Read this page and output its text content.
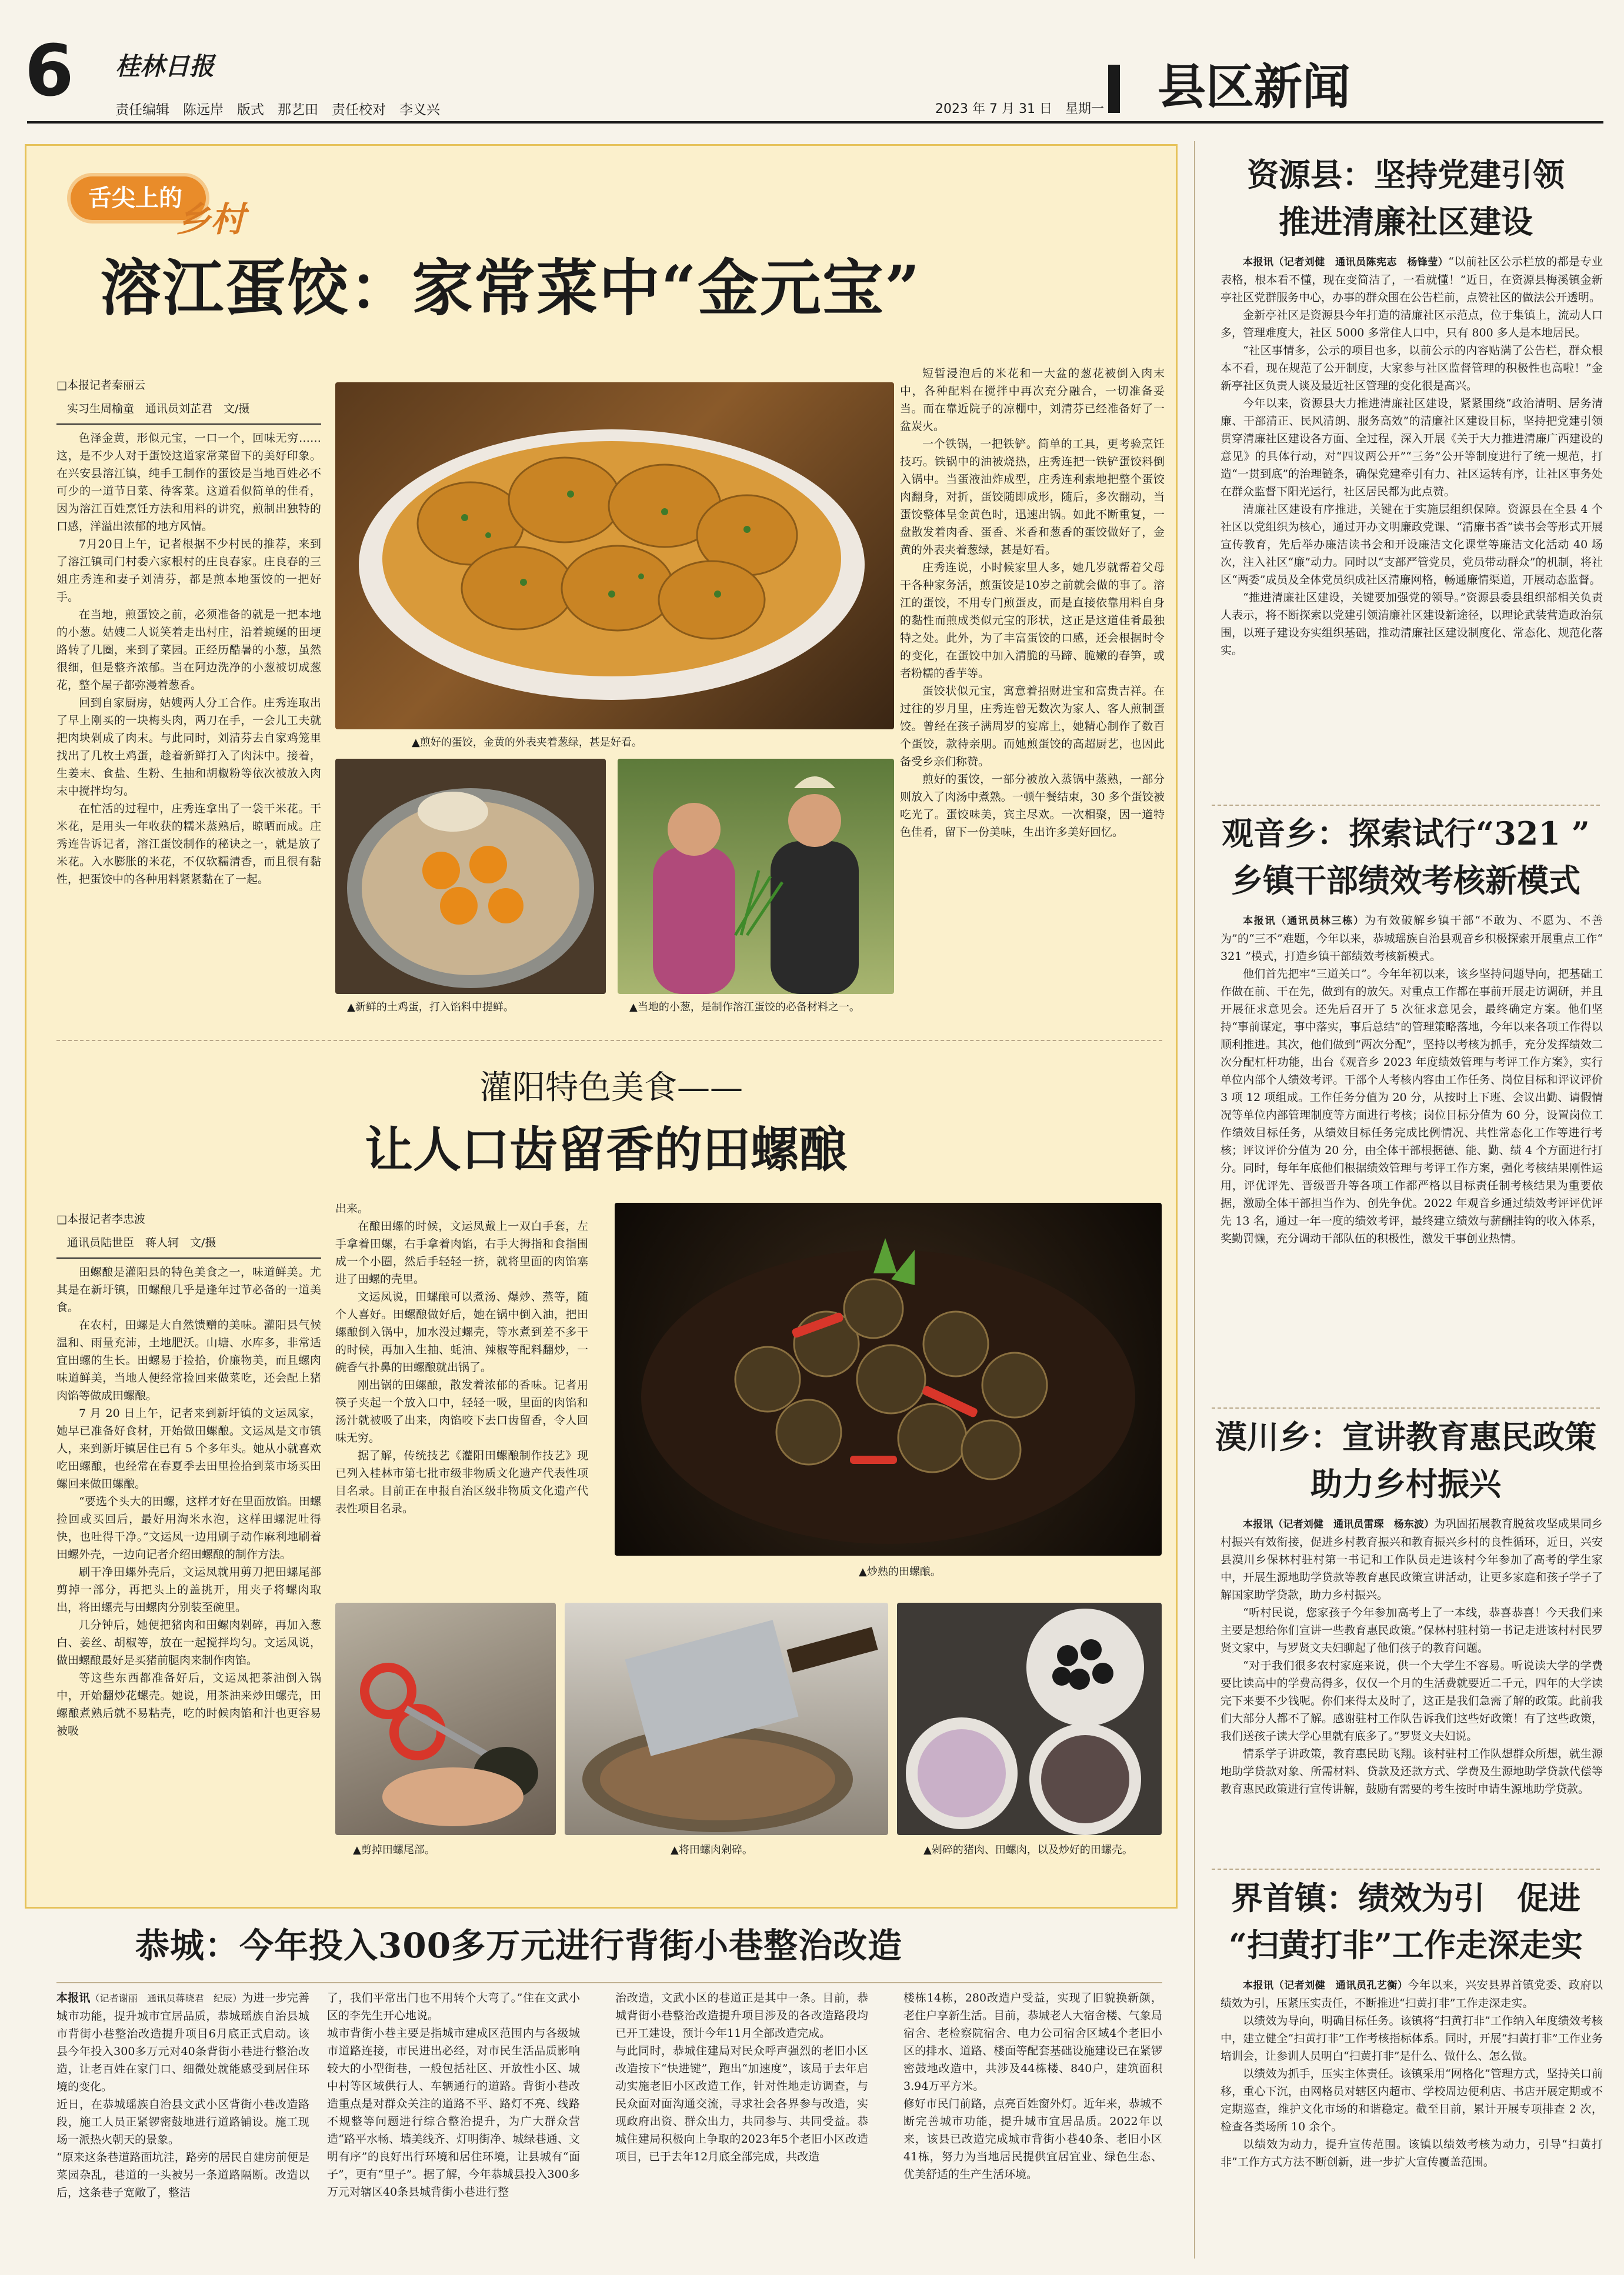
6 桂林日报
责任编辑　陈远岸　版式　那艺田　责任校对　李义兴	2023 年 7 月 31 日　星期一 县区新闻
舌尖上的
乡村
溶江蛋饺：家常菜中“金元宝”
□本报记者秦丽云
实习生周榆童　通讯员刘芷君　文/摄

色泽金黄，形似元宝，一口一个，回味无穷……这，是不少人对于蛋饺这道家常菜留下的美好印象。在兴安县溶江镇，纯手工制作的蛋饺是当地百姓必不可少的一道节日菜、待客菜。这道看似简单的佳肴，因为溶江百姓烹饪方法和用料的讲究，煎制出独特的口感，洋溢出浓郁的地方风情。

7月20日上午，记者根据不少村民的推荐，来到了溶江镇司门村委六家根村的庄良春家。庄良春的三姐庄秀连和妻子刘清芬，都是煎本地蛋饺的一把好手。

在当地，煎蛋饺之前，必须准备的就是一把本地的小葱。姑嫂二人说笑着走出村庄，沿着蜿蜒的田埂路转了几圈，来到了菜园。正经历酷暑的小葱，虽然很细，但是整齐浓郁。当在阿边洗净的小葱被切成葱花，整个屋子都弥漫着葱香。

回到自家厨房，姑嫂两人分工合作。庄秀连取出了早上刚买的一块梅头肉，两刀在手，一会儿工夫就把肉块剁成了肉末。与此同时，刘清芬去自家鸡笼里找出了几枚土鸡蛋，趁着新鲜打入了肉沫中。接着，生姜末、食盐、生粉、生抽和胡椒粉等依次被放入肉末中搅拌均匀。

在忙活的过程中，庄秀连拿出了一袋干米花。干米花，是用头一年收获的糯米蒸熟后，晾晒而成。庄秀连告诉记者，溶江蛋饺制作的秘诀之一，就是放了米花。入水膨胀的米花，不仅软糯清香，而且很有黏性，把蛋饺中的各种用料紧紧黏在了一起。

▲煎好的蛋饺，金黄的外表夹着葱绿，甚是好看。
▲新鲜的土鸡蛋，打入馅料中提鲜。	▲当地的小葱，是制作溶江蛋饺的必备材料之一。

短暂浸泡后的米花和一大盆的葱花被倒入肉末中，各种配料在搅拌中再次充分融合，一切准备妥当。而在靠近院子的凉棚中，刘清芬已经准备好了一盆炭火。

一个铁锅，一把铁铲。简单的工具，更考验烹饪技巧。铁锅中的油被烧热，庄秀连把一铁铲蛋饺料倒入锅中。当蛋液油炸成型，庄秀连利索地把整个蛋饺肉翻身，对折，蛋饺随即成形，随后，多次翻动，当蛋饺整体呈金黄色时，迅速出锅。如此不断重复，一盘散发着肉香、蛋香、米香和葱香的蛋饺做好了，金黄的外表夹着葱绿，甚是好看。

庄秀连说，小时候家里人多，她几岁就帮着父母干各种家务活，煎蛋饺是10岁之前就会做的事了。溶江的蛋饺，不用专门煎蛋皮，而是直接依靠用料自身的黏性而煎成类似元宝的形状，这正是这道佳肴最独特之处。此外，为了丰富蛋饺的口感，还会根据时令的变化，在蛋饺中加入清脆的马蹄、脆嫩的春笋，或者粉糯的香芋等。

蛋饺状似元宝，寓意着招财进宝和富贵吉祥。在过往的岁月里，庄秀连曾无数次为家人、客人煎制蛋饺。曾经在孩子满周岁的宴席上，她精心制作了数百个蛋饺，款待亲朋。而她煎蛋饺的高超厨艺，也因此备受乡亲们称赞。

煎好的蛋饺，一部分被放入蒸锅中蒸熟，一部分则放入了肉汤中煮熟。一顿午餐结束，30 多个蛋饺被吃光了。蛋饺味美，宾主尽欢。一次相聚，因一道特色佳肴，留下一份美味，生出许多美好回忆。

灌阳特色美食——
让人口齿留香的田螺酿
□本报记者李忠波
通讯员陆世臣　蒋人轲　文/摄

田螺酿是灌阳县的特色美食之一，味道鲜美。尤其是在新圩镇，田螺酿几乎是逢年过节必备的一道美食。

在农村，田螺是大自然馈赠的美味。灌阳县气候温和、雨量充沛，土地肥沃。山塘、水库多，非常适宜田螺的生长。田螺易于捡拾，价廉物美，而且螺肉味道鲜美，当地人便经常捡回来做菜吃，还会配上猪肉馅等做成田螺酿。

7 月 20 日上午，记者来到新圩镇的文运凤家，她早已准备好食材，开始做田螺酿。文运凤是文市镇人，来到新圩镇居住已有 5 个多年头。她从小就喜欢吃田螺酿，也经常在春夏季去田里捡拾到菜市场买田螺回来做田螺酿。

“要选个头大的田螺，这样才好在里面放馅。田螺捡回或买回后，最好用淘米水泡，这样田螺泥吐得快，也吐得干净。”文运凤一边用刷子动作麻利地刷着田螺外壳，一边向记者介绍田螺酿的制作方法。

刷干净田螺外壳后，文运凤就用剪刀把田螺尾部剪掉一部分，再把头上的盖挑开，用夹子将螺肉取出，将田螺壳与田螺肉分别装至碗里。

几分钟后，她便把猪肉和田螺肉剁碎，再加入葱白、姜丝、胡椒等，放在一起搅拌均匀。文运凤说，做田螺酿最好是买猪前腿肉来制作肉馅。

等这些东西都准备好后，文运凤把茶油倒入锅中，开始翻炒花螺壳。她说，用茶油来炒田螺壳，田螺酿煮熟后就不易粘壳，吃的时候肉馅和汁也更容易被吸

出来。

在酿田螺的时候，文运凤戴上一双白手套，左手拿着田螺，右手拿着肉馅，右手大拇指和食指围成一个小圈，然后手轻轻一挤，就将里面的肉馅塞进了田螺的壳里。

文运凤说，田螺酿可以煮汤、爆炒、蒸等，随个人喜好。田螺酿做好后，她在锅中倒入油，把田螺酿倒入锅中，加水没过螺壳，等水煮到差不多干的时候，再加入生抽、蚝油、辣椒等配料翻炒，一碗香气扑鼻的田螺酿就出锅了。

刚出锅的田螺酿，散发着浓郁的香味。记者用筷子夹起一个放入口中，轻轻一吸，里面的肉馅和汤汁就被吸了出来，肉馅咬下去口齿留香，令人回味无穷。

据了解，传统技艺《灌阳田螺酿制作技艺》现已列入桂林市第七批市级非物质文化遗产代表性项目名录。目前正在申报自治区级非物质文化遗产代表性项目名录。

▲炒熟的田螺酿。
▲剪掉田螺尾部。	▲将田螺肉剁碎。	▲剁碎的猪肉、田螺肉，以及炒好的田螺壳。
恭城：今年投入300多万元进行背街小巷整治改造

本报讯（记者谢丽　通讯员蒋晓君　纪辰）为进一步完善城市功能，提升城市宜居品质，恭城瑶族自治县城市背街小巷整治改造提升项目6月底正式启动。该县今年投入300多万元对40条背街小巷进行整治改造，让老百姓在家门口、细微处就能感受到居住环境的变化。
近日，在恭城瑶族自治县文武小区背街小巷改造路段，施工人员正紧锣密鼓地进行道路铺设。施工现场一派热火朝天的景象。
“原来这条巷道路面坑洼，路旁的居民自建房前便是菜园杂乱，巷道的一头被另一条道路隔断。改造以后，这条巷子宽敞了，整洁

了，我们平常出门也不用转个大弯了。”住在文武小区的李先生开心地说。
城市背街小巷主要是指城市建成区范围内与各级城市道路连接，市民进出必经，对市民生活品质影响较大的小型街巷，一般包括社区、开放性小区、城中村等区域供行人、车辆通行的道路。背街小巷改造重点是对群众关注的道路不平、路灯不亮、线路不规整等问题进行综合整治提升，为广大群众营造“路平水畅、墙美线齐、灯明街净、城绿巷通、文明有序”的良好出行环境和居住环境，让县城有“面子”，更有“里子”。据了解，今年恭城县投入300多万元对辖区40条县城背街小巷进行整

治改造，文武小区的巷道正是其中一条。目前，恭城背街小巷整治改造提升项目涉及的各改造路段均已开工建设，预计今年11月全部改造完成。
与此同时，恭城住建局对民众呼声强烈的老旧小区改造按下“快进键”，跑出“加速度”，该局于去年启动实施老旧小区改造工作，针对性地走访调查，与民众面对面沟通交流，寻求社会各界参与改造，实现政府出资、群众出力，共同参与、共同受益。恭城住建局积极向上争取的2023年5个老旧小区改造项目，已于去年12月底全部完成，共改造

楼栋14栋，280改造户受益，实现了旧貌换新颜，老住户享新生活。目前，恭城老人大宿舍楼、气象局宿舍、老检察院宿舍、电力公司宿舍区域4个老旧小区的排水、道路、楼面等配套基础设施建设已在紧锣密鼓地改造中，共涉及44栋楼、840户，建筑面积3.94万平方米。
修好市民门前路，点亮百姓窗外灯。近年来，恭城不断完善城市功能，提升城市宜居品质。2022年以来，该县已改造完成城市背街小巷40条、老旧小区41栋，努力为当地居民提供宜居宜业、绿色生态、优美舒适的生产生活环境。

资源县：坚持党建引领
推进清廉社区建设

本报讯（记者刘健　通讯员陈宪志　杨锋莹）“以前社区公示栏放的都是专业表格，根本看不懂，现在变简洁了，一看就懂！”近日，在资源县梅溪镇金新亭社区党群服务中心，办事的群众围在公告栏前，点赞社区的做法公开透明。

金新亭社区是资源县今年打造的清廉社区示范点，位于集镇上，流动人口多，管理难度大，社区 5000 多常住人口中，只有 800 多人是本地居民。

“社区事情多，公示的项目也多，以前公示的内容贴满了公告栏，群众根本不看，现在规范了公开制度，大家参与社区监督管理的积极性也高啦！”金新亭社区负责人谈及最近社区管理的变化很是高兴。

今年以来，资源县大力推进清廉社区建设，紧紧围绕“政治清明、居务清廉、干部清正、民风清朗、服务高效”的清廉社区建设目标，坚持把党建引领贯穿清廉社区建设各方面、全过程，深入开展《关于大力推进清廉广西建设的意见》的具体行动，对“四议两公开”“三务”公开等制度进行了统一规范，打造“一贯到底”的治理链条，确保党建牵引有力、社区运转有序，让社区事务处在群众监督下阳光运行，社区居民都为此点赞。

清廉社区建设有序推进，关键在于实施层组织保障。资源县在全县 4 个社区以党组织为核心，通过开办文明廉政党课、“清廉书香”读书会等形式开展宣传教育，先后举办廉洁读书会和开设廉洁文化课堂等廉洁文化活动 40 场次，注入社区“廉”动力。同时以“支部严管党员，党员带动群众”的机制，将社区“两委”成员及全体党员织成社区清廉网格，畅通廉情渠道，开展动态监督。

“推进清廉社区建设，关键要加强党的领导。”资源县委县组织部相关负责人表示，将不断探索以党建引领清廉社区建设新途径，以理论武装营造政治氛围，以班子建设夯实组织基础，推动清廉社区建设制度化、常态化、规范化落实。

观音乡：探索试行“321 ”
乡镇干部绩效考核新模式

本报讯（通讯员林三栋）为有效破解乡镇干部“不敢为、不愿为、不善为”的“三不”难题，今年以来，恭城瑶族自治县观音乡积极探索开展重点工作“ 321 ”模式，打造乡镇干部绩效考核新模式。

他们首先把牢“三道关口”。今年年初以来，该乡坚持问题导向，把基础工作做在前、干在先，做到有的放矢。对重点工作都在事前开展走访调研，并且开展征求意见会。还先后召开了 5 次征求意见会，最终确定方案。他们坚持“事前谋定，事中落实，事后总结”的管理策略落地，今年以来各项工作得以顺利推进。其次，他们做到“两次分配”，坚持以考核为抓手，充分发挥绩效二次分配杠杆功能，出台《观音乡 2023 年度绩效管理与考评工作方案》，实行单位内部个人绩效考评。干部个人考核内容由工作任务、岗位目标和评议评价 3 项 12 项组成。工作任务分值为 20 分，从按时上下班、会议出勤、请假情况等单位内部管理制度等方面进行考核；岗位目标分值为 60 分，设置岗位工作绩效目标任务，从绩效目标任务完成比例情况、共性常态化工作等进行考核；评议评价分值为 20 分，由全体干部根据德、能、勤、绩 4 个方面进行打分。同时，每年年底他们根据绩效管理与考评工作方案，强化考核结果刚性运用，评优评先、晋级晋升等各项工作都严格以目标责任制考核结果为重要依据，激励全体干部担当作为、创先争优。2022 年观音乡通过绩效考评评优评先 13 名，通过一年一度的绩效考评，最终建立绩效与薪酬挂钩的收入体系，奖勤罚懒，充分调动干部队伍的积极性，激发干事创业热情。

漠川乡：宣讲教育惠民政策
助力乡村振兴

本报讯（记者刘健　通讯员雷琛　杨东波）为巩固拓展教育脱贫攻坚成果同乡村振兴有效衔接，促进乡村教育振兴和教育振兴乡村的良性循环，近日，兴安县漠川乡保林村驻村第一书记和工作队员走进该村今年参加了高考的学生家中，开展生源地助学贷款等教育惠民政策宣讲活动，让更多家庭和孩子学子了解国家助学贷款，助力乡村振兴。

“听村民说，您家孩子今年参加高考上了一本线，恭喜恭喜！今天我们来主要是想给你们宣讲一些教育惠民政策。”保林村驻村第一书记走进该村村民罗贤文家中，与罗贤文夫妇聊起了他们孩子的教育问题。

“对于我们很多农村家庭来说，供一个大学生不容易。听说读大学的学费要比读高中的学费高得多，仅仅一个月的生活费就要近二千元，四年的大学读完下来要不少钱呢。你们来得太及时了，这正是我们急需了解的政策。此前我们大部分人都不了解。感谢驻村工作队告诉我们这些好政策！有了这些政策，我们送孩子读大学心里就有底多了。”罗贤文夫妇说。

情系学子讲政策，教育惠民助飞翔。该村驻村工作队想群众所想，就生源地助学贷款对象、所需材料、贷款及还款方式、学费及生源地助学贷款代偿等教育惠民政策进行宣传讲解，鼓励有需要的考生按时申请生源地助学贷款。

界首镇：绩效为引　促进
“扫黄打非”工作走深走实

本报讯（记者刘健　通讯员孔艺衡）今年以来，兴安县界首镇党委、政府以绩效为引，压紧压实责任，不断推进“扫黄打非”工作走深走实。

以绩效为导向，明确目标任务。该镇将“扫黄打非”工作纳入年度绩效考核中，建立健全“扫黄打非”工作考核指标体系。同时，开展“扫黄打非”工作业务培训会，让参训人员明白“扫黄打非”是什么、做什么、怎么做。

以绩效为抓手，压实主体责任。该镇采用“网格化”管理方式，坚持关口前移，重心下沉，由网格员对辖区内超市、学校周边便利店、书店开展定期或不定期巡查，维护文化市场的和谐稳定。截至目前，累计开展专项排查 2 次，检查各类场所 10 余个。

以绩效为动力，提升宣传范围。该镇以绩效考核为动力，引导“扫黄打非”工作方式方法不断创新，进一步扩大宣传覆盖范围。
